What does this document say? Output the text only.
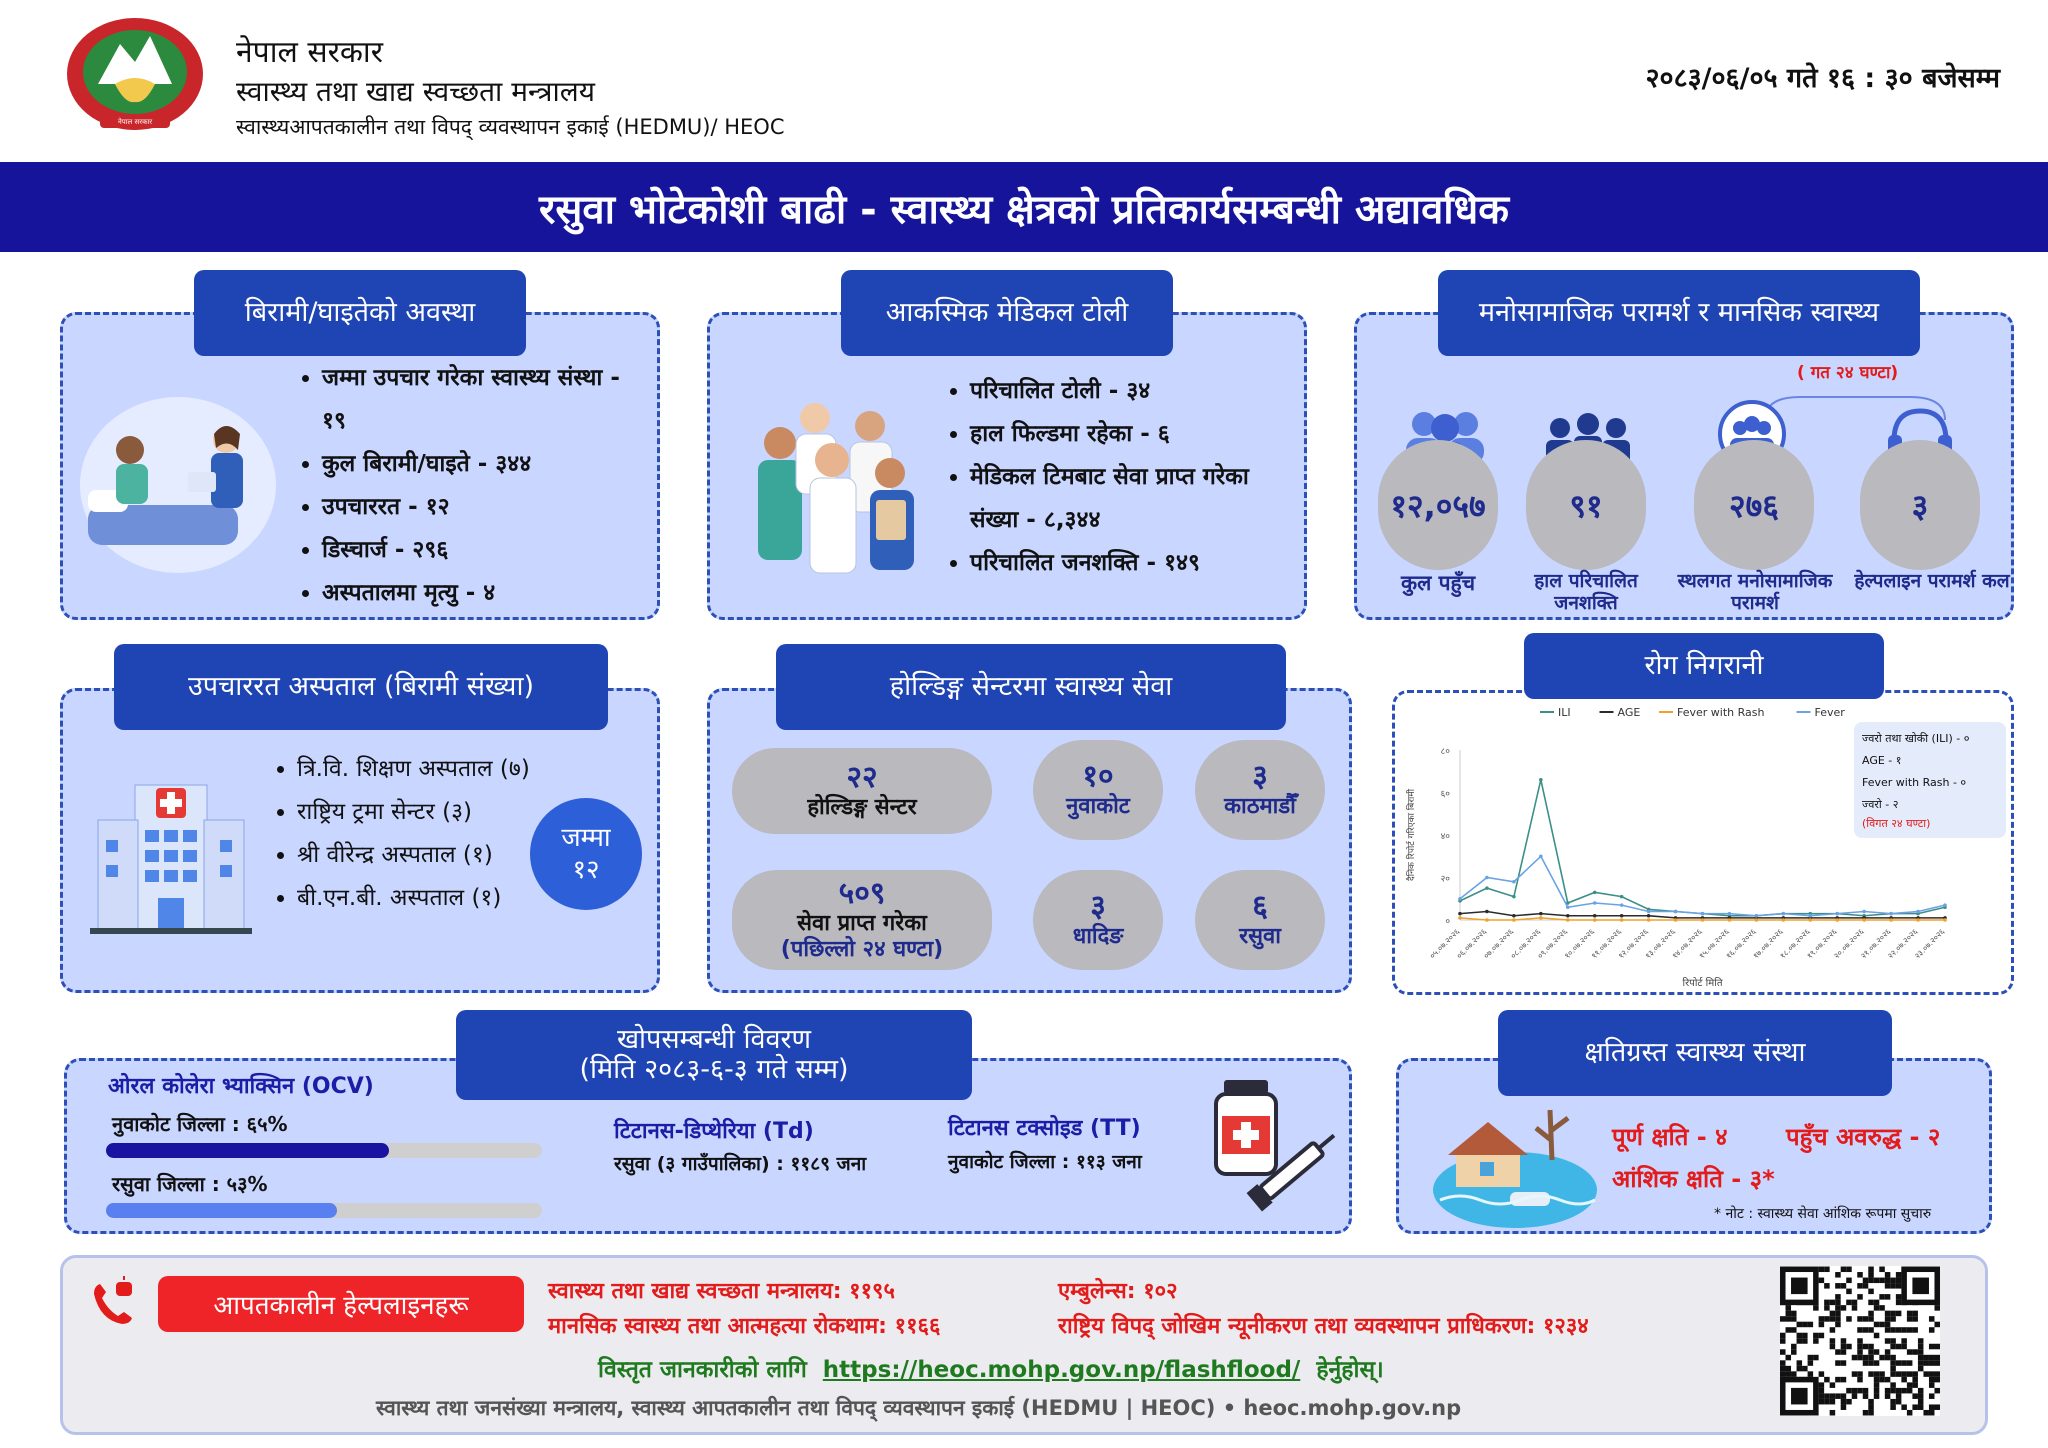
नेपाल सरकार
नेपाल सरकार
स्वास्थ्य तथा खाद्य स्वच्छता मन्त्रालय
स्वास्थ्यआपतकालीन तथा विपद् व्यवस्थापन इकाई (HEDMU)/ HEOC
२०८३/०६/०५ गते १६ : ३० बजेसम्म
रसुवा भोटेकोशी बाढी - स्वास्थ्य क्षेत्रको प्रतिकार्यसम्बन्धी अद्यावधिक
बिरामी/घाइतेको अवस्था
• जम्मा उपचार गरेका स्वास्थ्य संस्था - १९
• कुल बिरामी/घाइते - ३४४
• उपचाररत - १२
• डिस्चार्ज - २९६
• अस्पतालमा मृत्यु - ४
आकस्मिक मेडिकल टोली
• परिचालित टोली - ३४
• हाल फिल्डमा रहेका - ६
• मेडिकल टिमबाट सेवा प्राप्त गरेका संख्या - ८,३४४
• परिचालित जनशक्ति - १४९
मनोसामाजिक परामर्श र मानसिक स्वास्थ्य
( गत २४ घण्टा)
१२,०५७	९१	२७६	३
कुल पहुँच	हाल परिचालित जनशक्ति
स्थलगत मनोसामाजिक परामर्श
हेल्पलाइन परामर्श कल
उपचाररत अस्पताल (बिरामी संख्या)
• त्रि.वि. शिक्षण अस्पताल (७)
• राष्ट्रिय ट्रमा सेन्टर (३)
• श्री वीरेन्द्र अस्पताल (१)
• बी.एन.बी. अस्पताल (१)
जम्मा
१२
होल्डिङ्ग सेन्टरमा स्वास्थ्य सेवा
२२
होल्डिङ्ग सेन्टर
५०९
सेवा प्राप्त गरेका
(पछिल्लो २४ घण्टा)
१०
नुवाकोट
३
काठमाडौँ
३
धादिङ
६
रसुवा
रोग निगरानी
ILI	AGE	Fever with Rash	Fever
०
२०
४०
६०
८०
०५.०७.२०२६
०६.०७.२०२६
०७.०७.२०२६
०८.०७.२०२६
०९.०७.२०२६
१०.०७.२०२६
११.०७.२०२६
१२.०७.२०२६
१३.०७.२०२६
१४.०७.२०२६
१५.०७.२०२६
१६.०७.२०२६
१७.०७.२०२६
१८.०७.२०२६
१९.०७.२०२६
२०.०७.२०२६
२१.०७.२०२६
२२.०७.२०२६
२३.०७.२०२६
दैनिक रिपोर्ट गरिएका बिरामी
रिपोर्ट मिति
ज्वरो तथा खोकी (ILI) - ०
AGE - १
Fever with Rash - ०
ज्वरो - २
(विगत २४ घण्टा)
खोपसम्बन्धी विवरण
(मिति २०८३-६-३ गते सम्म)
ओरल कोलेरा भ्याक्सिन (OCV)
नुवाकोट जिल्ला : ६५%
रसुवा जिल्ला : ५३%
टिटानस-डिप्थेरिया (Td)
रसुवा (३ गाउँपालिका) : ११८९ जना
टिटानस टक्सोइड (TT)
नुवाकोट जिल्ला : ११३ जना
क्षतिग्रस्त स्वास्थ्य संस्था
पूर्ण क्षति - ४ पहुँच अवरुद्ध - २
आंशिक क्षति - ३*
* नोट : स्वास्थ्य सेवा आंशिक रूपमा सुचारु
आपतकालीन हेल्पलाइनहरू	स्वास्थ्य तथा खाद्य स्वच्छता मन्त्रालय: ११९५	एम्बुलेन्स: १०२
मानसिक स्वास्थ्य तथा आत्महत्या रोकथाम: ११६६	राष्ट्रिय विपद् जोखिम न्यूनीकरण तथा व्यवस्थापन प्राधिकरण: १२३४
विस्तृत जानकारीको लागि https://heoc.mohp.gov.np/flashflood/ हेर्नुहोस्।
स्वास्थ्य तथा जनसंख्या मन्त्रालय, स्वास्थ्य आपतकालीन तथा विपद् व्यवस्थापन इकाई (HEDMU | HEOC) • heoc.mohp.gov.np
